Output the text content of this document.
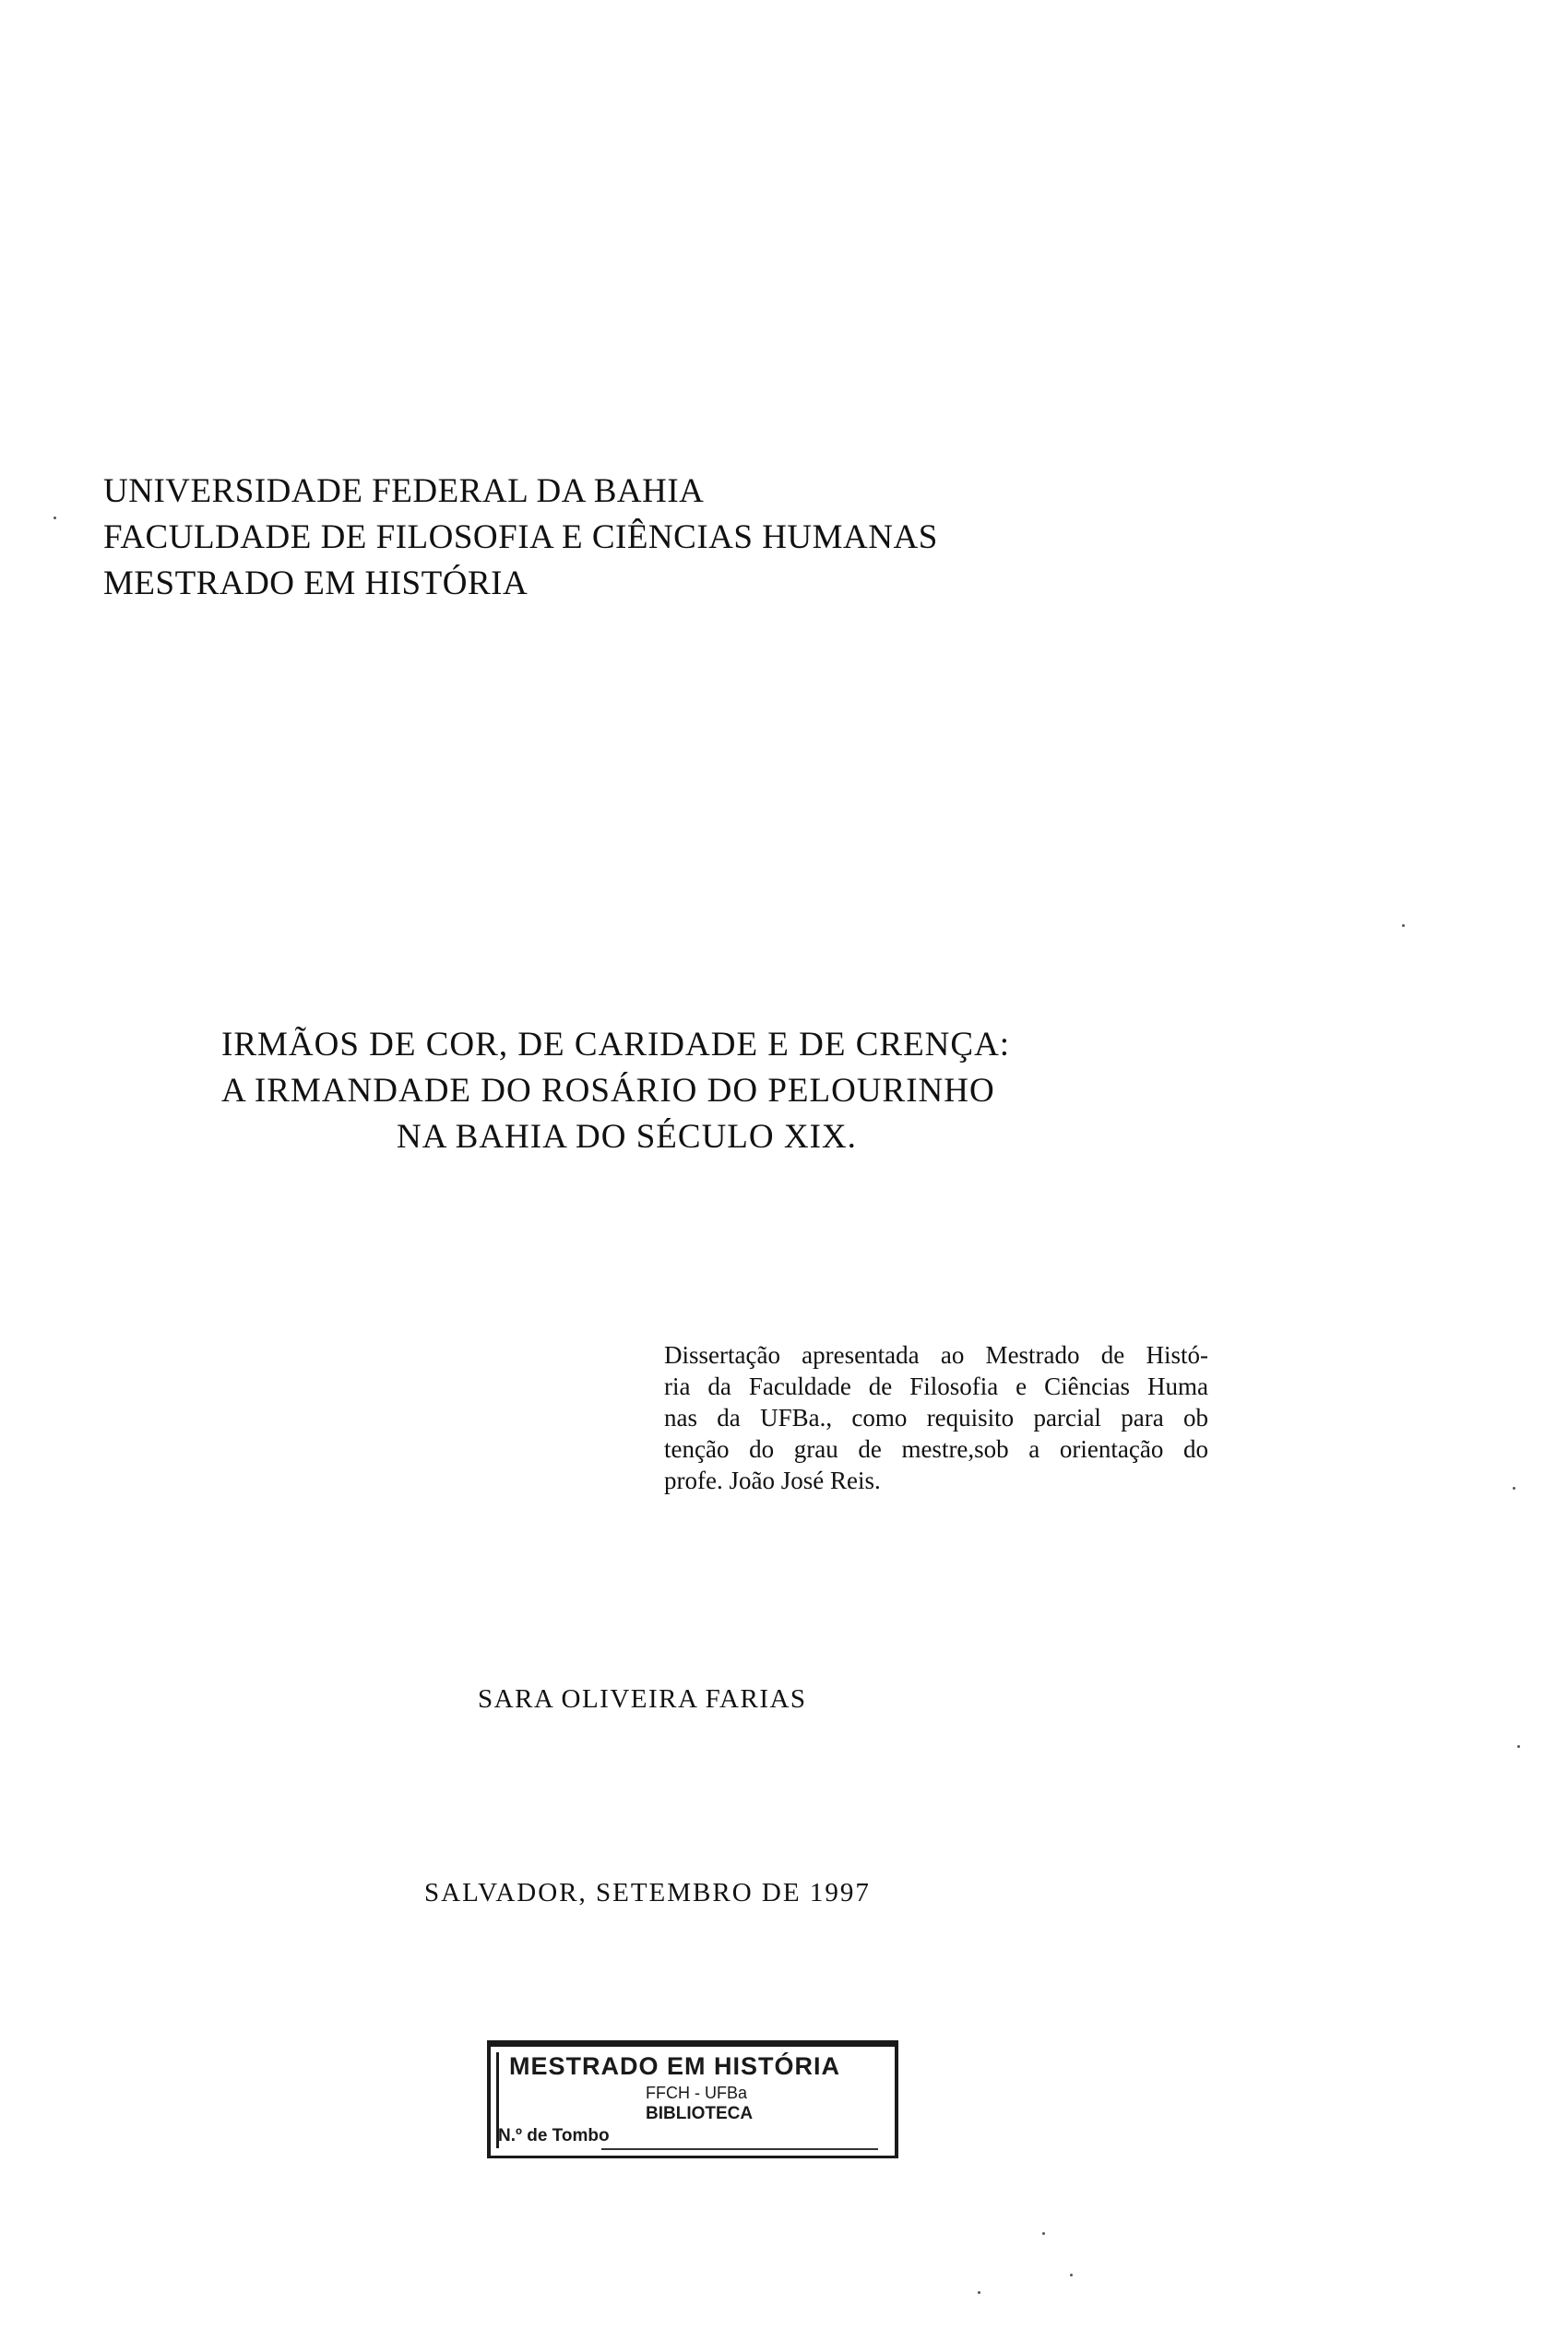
UNIVERSIDADE FEDERAL DA BAHIA
FACULDADE DE FILOSOFIA E CIÊNCIAS HUMANAS
MESTRADO EM HISTÓRIA
IRMÃOS DE COR, DE CARIDADE E DE CRENÇA:
A IRMANDADE DO ROSÁRIO DO PELOURINHO
NA BAHIA DO SÉCULO XIX.
Dissertação apresentada ao Mestrado de Histó-
ria da Faculdade de Filosofia e Ciências Huma
nas da UFBa., como requisito parcial para ob
tenção do grau de mestre,sob a orientação do
profe. João José Reis.
SARA OLIVEIRA FARIAS
SALVADOR, SETEMBRO DE 1997
MESTRADO EM HISTÓRIA
FFCH - UFBa
BIBLIOTECA
N.º de Tombo
